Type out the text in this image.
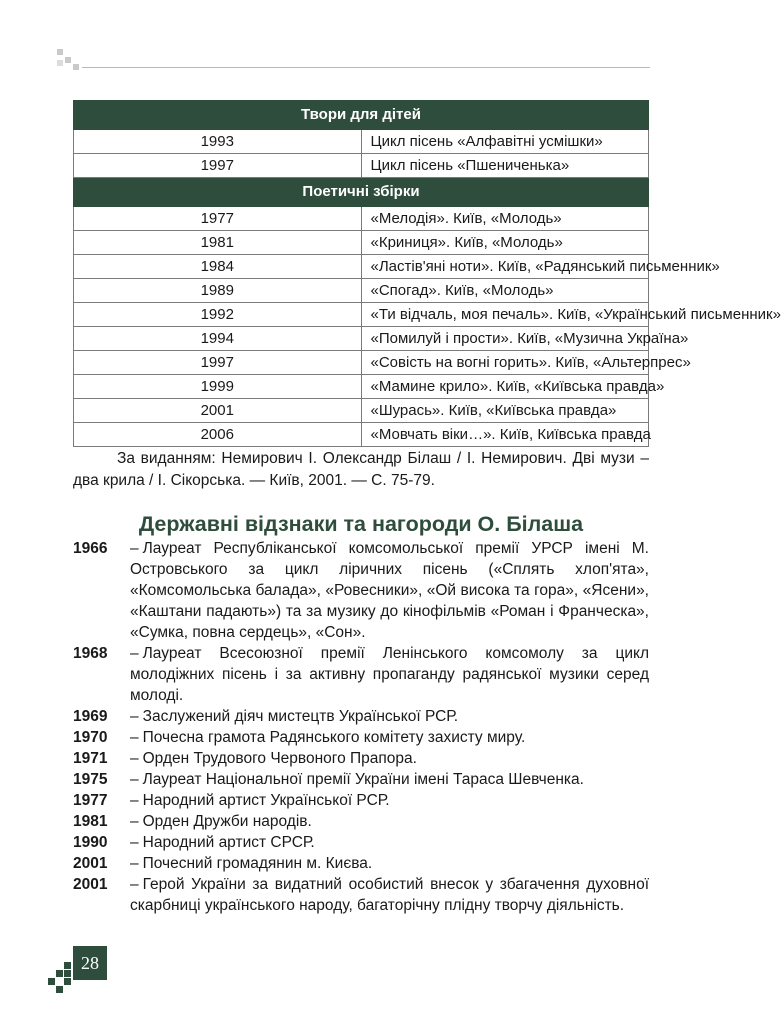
Твори для дітей	
1993	Цикл пісень «Алфавітні усмішки»
1997	Цикл пісень «Пшениченька»
Поетичні збірки	
1977	«Мелодія». Київ, «Молодь»
1981	«Криниця». Київ, «Молодь»
1984	«Ластів'яні ноти». Київ, «Радянський письменник»
1989	«Спогад». Київ, «Молодь»
1992	«Ти відчаль, моя печаль». Київ, «Український письменник»
1994	«Помилуй і прости». Київ, «Музична Україна»
1997	«Совість на вогні горить». Київ, «Альтерпрес»
1999	«Мамине крило». Київ, «Київська правда»
2001	«Шурась». Київ, «Київська правда»
2006	«Мовчать віки…». Київ, Київська правда
За виданням: Немирович І. Олександр Білаш / І. Немирович. Дві музи – два крила / І. Сікорська. — Київ, 2001. — С. 75-79.
Державні відзнаки та нагороди О. Білаша
1966 – Лауреат Республіканської комсомольської премії УРСР імені М. Островського за цикл ліричних пісень («Сплять хлоп'ята», «Комсомольська балада», «Ровесники», «Ой висока та гора», «Ясени», «Каштани падають») та за музику до кінофільмів «Роман і Франческа», «Сумка, повна сердець», «Сон».
1968 – Лауреат Всесоюзної премії Ленінського комсомолу за цикл молодіжних пісень і за активну пропаганду радянської музики серед молоді.
1969 – Заслужений діяч мистецтв Української РСР.
1970 – Почесна грамота Радянського комітету захисту миру.
1971 – Орден Трудового Червоного Прапора.
1975 – Лауреат Національної премії України імені Тараса Шевченка.
1977 – Народний артист Української РСР.
1981 – Орден Дружби народів.
1990 – Народний артист СРСР.
2001 – Почесний громадянин м. Києва.
2001 – Герой України за видатний особистий внесок у збагачення духовної скарбниці українського народу, багаторічну плідну творчу діяльність.
28
